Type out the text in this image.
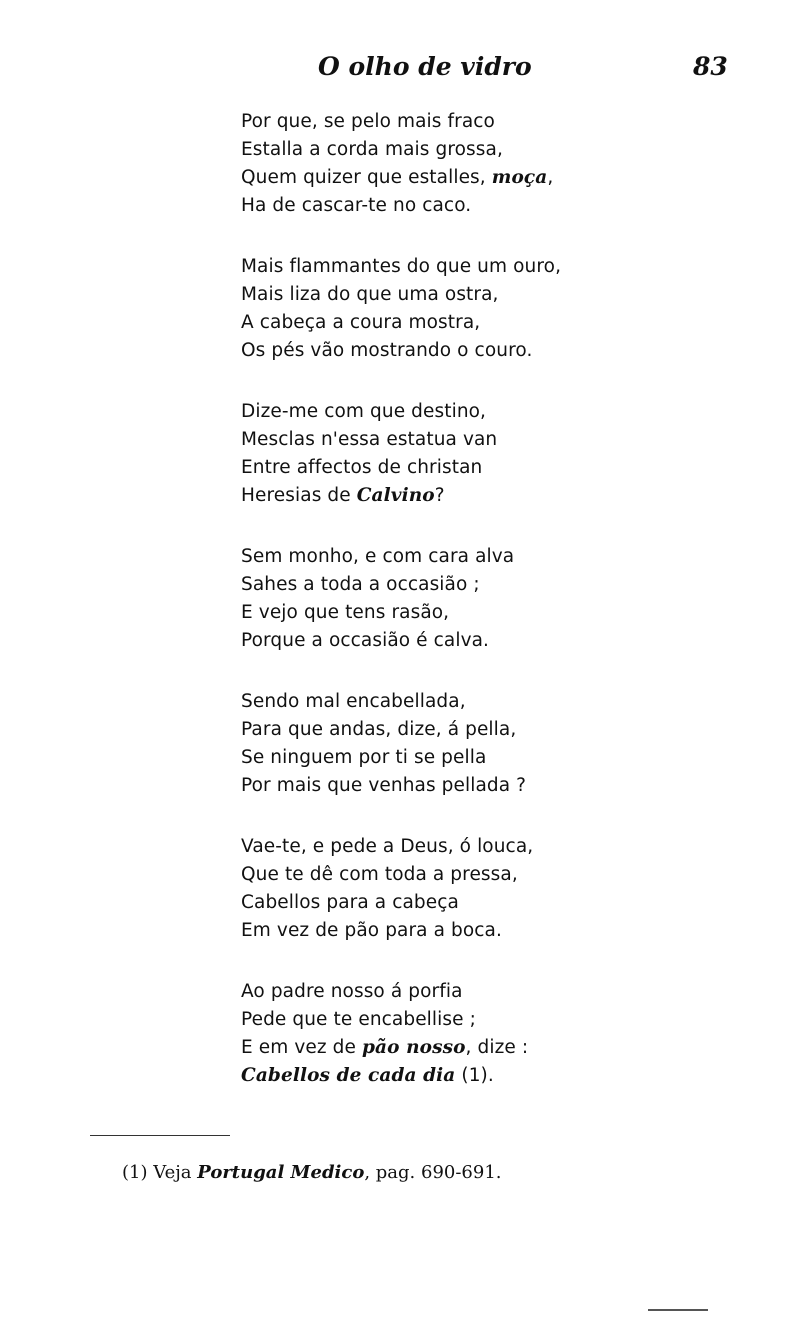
O olho de vidro	83
Por que, se pelo mais fraco
Estalla a corda mais grossa,
Quem quizer que estalles, moça,
Ha de cascar-te no caco.
Mais flammantes do que um ouro,
Mais liza do que uma ostra,
A cabeça a coura mostra,
Os pés vão mostrando o couro.
Dize-me com que destino,
Mesclas n'essa estatua van
Entre affectos de christan
Heresias de Calvino?
Sem monho, e com cara alva
Sahes a toda a occasião ;
E vejo que tens rasão,
Porque a occasião é calva.
Sendo mal encabellada,
Para que andas, dize, á pella,
Se ninguem por ti se pella
Por mais que venhas pellada ?
Vae-te, e pede a Deus, ó louca,
Que te dê com toda a pressa,
Cabellos para a cabeça
Em vez de pão para a boca.
Ao padre nosso á porfia
Pede que te encabellise ;
E em vez de pão nosso, dize :
Cabellos de cada dia (1).
(1) Veja Portugal Medico, pag. 690-691.
